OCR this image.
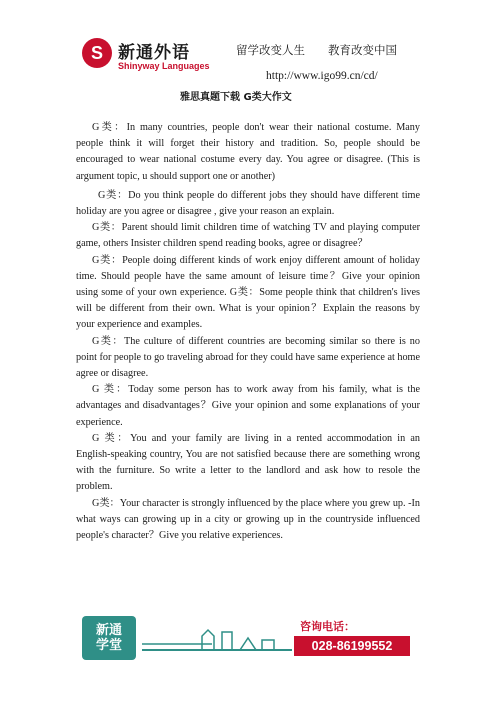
S 新通外语
Shinyway Languages
留学改变人生 教育改变中国
http://www.igo99.cn/cd/
雅思真题下载 G类大作文

G类：In many countries, people don't wear their national costume. Many people think it will forget their history and tradition. So, people should be encouraged to wear national costume every day. You agree or disagree. (This is argument topic, u should support one or another)

G类：Do you think people do different jobs they should have different time holiday are you agree or disagree , give your reason an explain.

G类：Parent should limit children time of watching TV and playing computer game, others Insister children spend reading books, agree or disagree？

G类：People doing different kinds of work enjoy different amount of holiday time. Should people have the same amount of leisure time？Give your opinion using some of your own experience. G类：Some people think that children's lives will be different from their own. What is your opinion？Explain the reasons by your experience and examples.

G类：The culture of different countries are becoming similar so there is no point for people to go traveling abroad for they could have same experience at home agree or disagree.

G 类：Today some person has to work away from his family, what is the advantages and disadvantages？Give your opinion and some explanations of your experience.

G 类：You and your family are living in a rented accommodation in an English-speaking country, You are not satisfied because there are something wrong with the furniture. So write a letter to the landlord and ask how to resole the problem.

G类：Your character is strongly influenced by the place where you grew up. -In what ways can growing up in a city or growing up in the countryside influenced people's character？Give you relative experiences.

新通
学堂
咨询电话：
028-86199552
